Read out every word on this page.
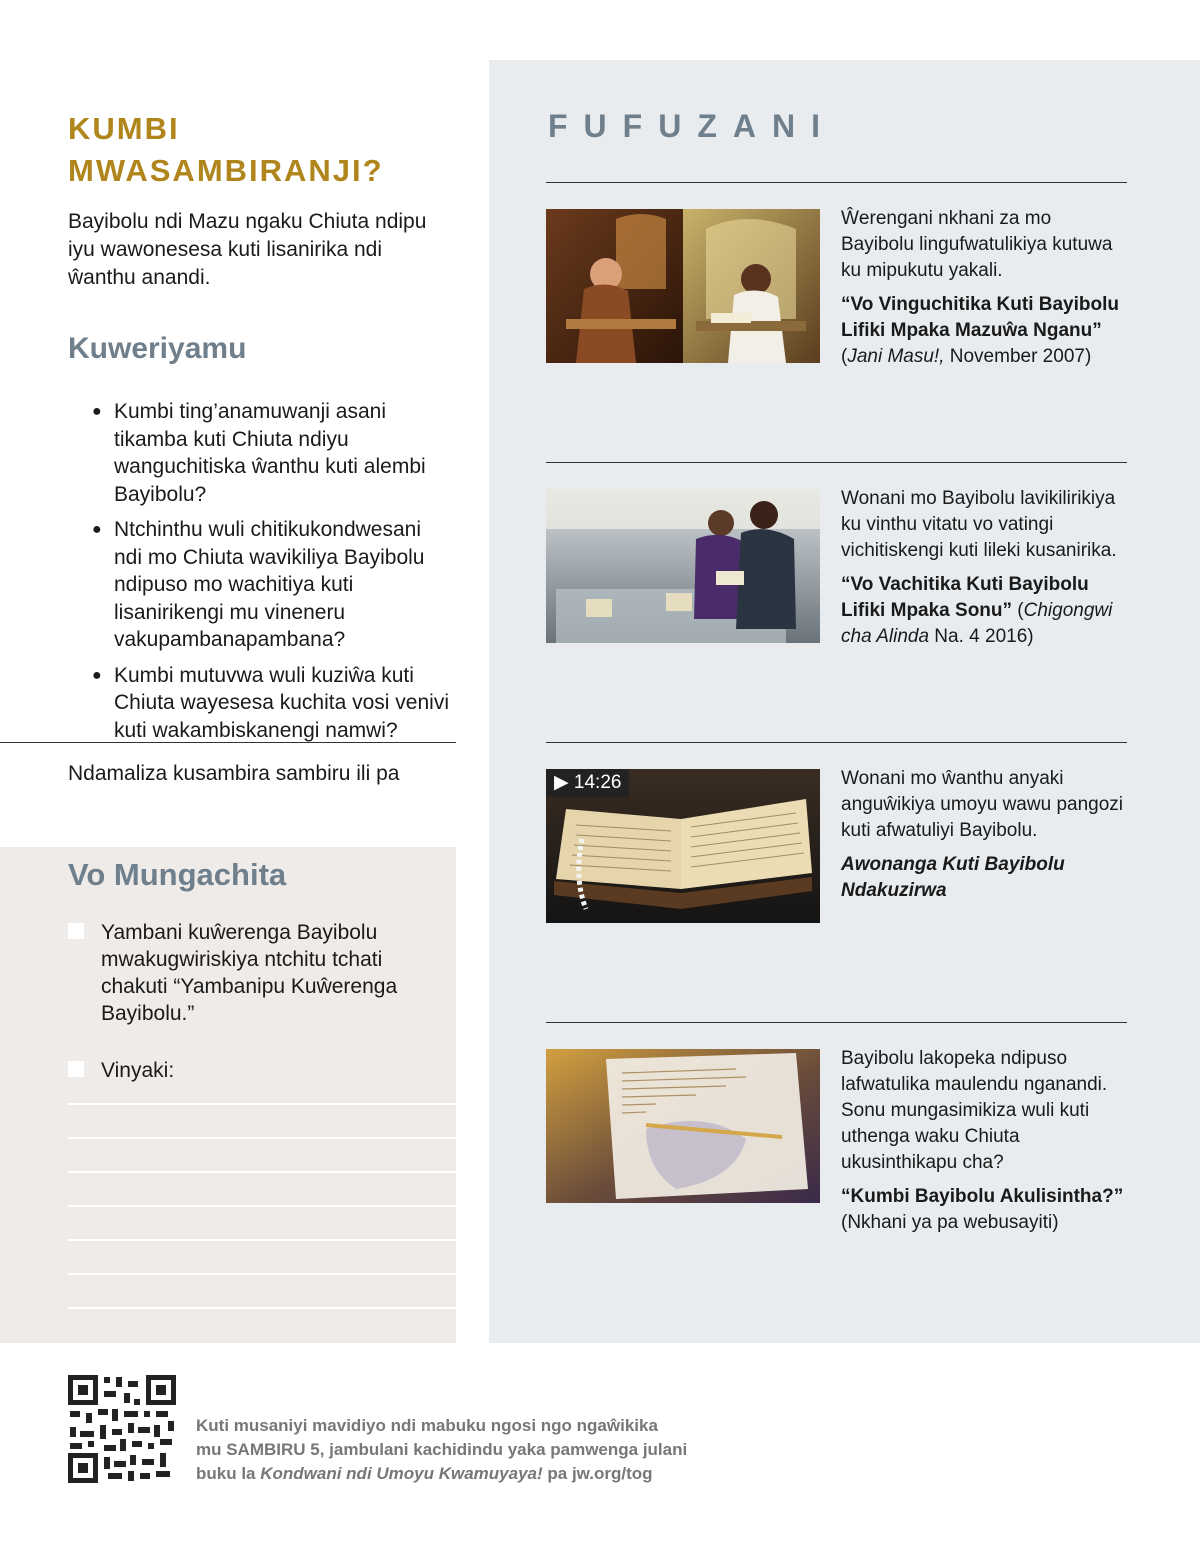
KUMBI
MWASAMBIRANJI?

Bayibolu ndi Mazu ngaku Chiuta ndipu iyu wawonesesa kuti lisanirika ndi ŵanthu anandi.

Kuweriyamu
● Kumbi ting’anamuwanji asani tikamba kuti Chiuta ndiyu wanguchitiska ŵanthu kuti alembi Bayibolu?
● Ntchinthu wuli chitikukondwesani ndi mo Chiuta wavikiliya Bayibolu ndipuso mo wachitiya kuti lisanirikengi mu vineneru vakupambanapambana?
● Kumbi mutuvwa wuli kuziŵa kuti Chiuta wayesesa kuchita vosi venivi kuti wakambiskanengi namwi?

Ndamaliza kusambira sambiru ili pa

Vo Mungachita
Yambani kuŵerenga Bayibolu mwakugwiriskiya ntchitu tchati chakuti “Yambanipu Kuŵerenga Bayibolu.”
Vinyaki:
FUFUZANI
Ŵerengani nkhani za mo Bayibolu lingufwatulikiya kutuwa ku mipukutu yakali.
“Vo Vinguchitika Kuti Bayibolu Lifiki Mpaka Mazuŵa Nganu” (Jani Masu!, November 2007)
Wonani mo Bayibolu lavikilirikiya ku vinthu vitatu vo vatingi vichitiskengi kuti lileki kusanirika.
“Vo Vachitika Kuti Bayibolu Lifiki Mpaka Sonu” (Chigongwi cha Alinda Na. 4 2016)
▶ 14:26	Wonani mo ŵanthu anyaki anguŵikiya umoyu wawu pangozi kuti afwatuliyi Bayibolu.
Awonanga Kuti Bayibolu Ndakuzirwa
Bayibolu lakopeka ndipuso lafwatulika maulendu nganandi. Sonu mungasimikiza wuli kuti uthenga waku Chiuta ukusinthikapu cha?
“Kumbi Bayibolu Akulisintha?” (Nkhani ya pa webusayiti)
Kuti musaniyi mavidiyo ndi mabuku ngosi ngo ngaŵikika
mu SAMBIRU 5, jambulani kachidindu yaka pamwenga julani
buku la Kondwani ndi Umoyu Kwamuyaya! pa jw.org/tog
